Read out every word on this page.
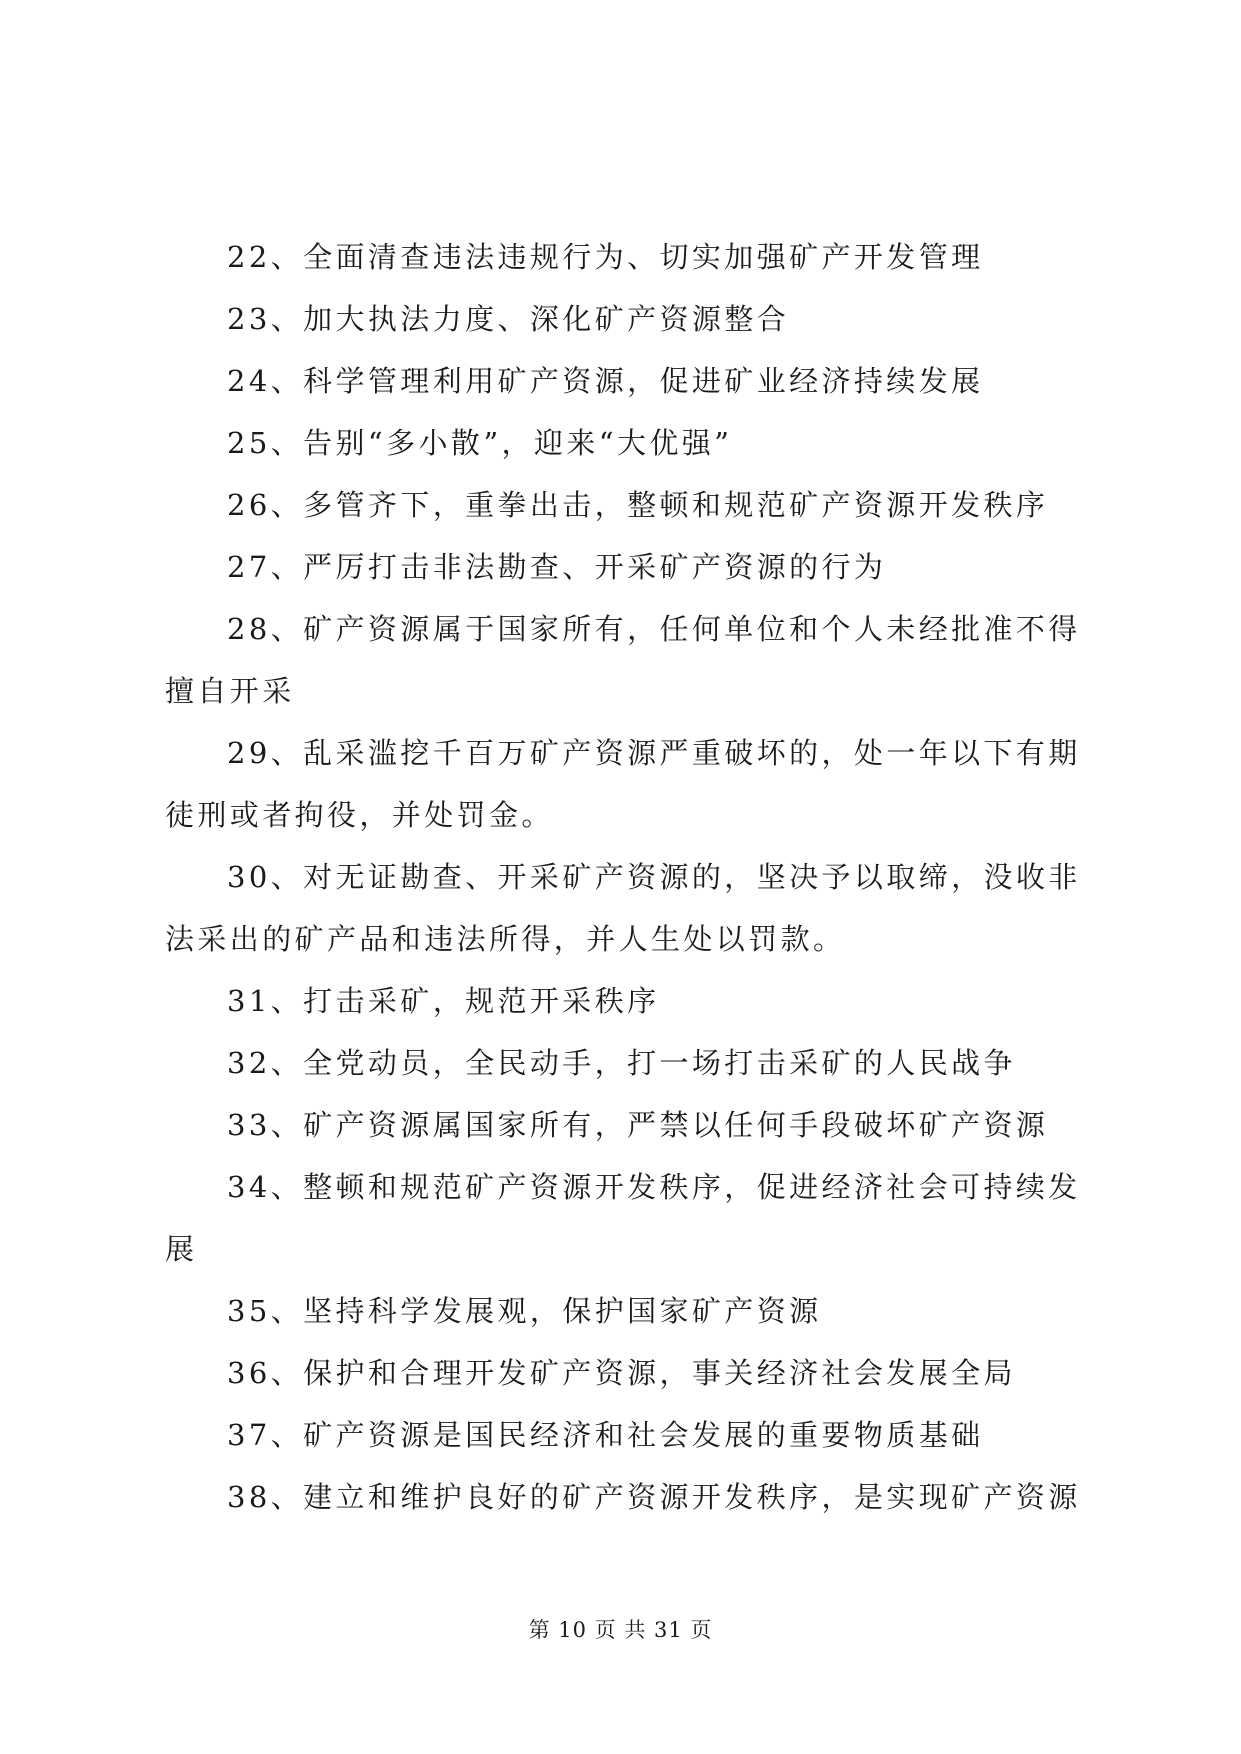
22、全面清查违法违规行为、切实加强矿产开发管理

23、加大执法力度、深化矿产资源整合

24、科学管理利用矿产资源，促进矿业经济持续发展

25、告别“多小散”，迎来“大优强”

26、多管齐下，重拳出击，整顿和规范矿产资源开发秩序

27、严厉打击非法勘查、开采矿产资源的行为

28、矿产资源属于国家所有，任何单位和个人未经批准不得擅自开采

29、乱采滥挖千百万矿产资源严重破坏的，处一年以下有期徒刑或者拘役，并处罚金。

30、对无证勘查、开采矿产资源的，坚决予以取缔，没收非法采出的矿产品和违法所得，并人生处以罚款。

31、打击采矿，规范开采秩序

32、全党动员，全民动手，打一场打击采矿的人民战争

33、矿产资源属国家所有，严禁以任何手段破坏矿产资源

34、整顿和规范矿产资源开发秩序，促进经济社会可持续发展

35、坚持科学发展观，保护国家矿产资源

36、保护和合理开发矿产资源，事关经济社会发展全局

37、矿产资源是国民经济和社会发展的重要物质基础

38、建立和维护良好的矿产资源开发秩序，是实现矿产资源

第 10 页 共 31 页
